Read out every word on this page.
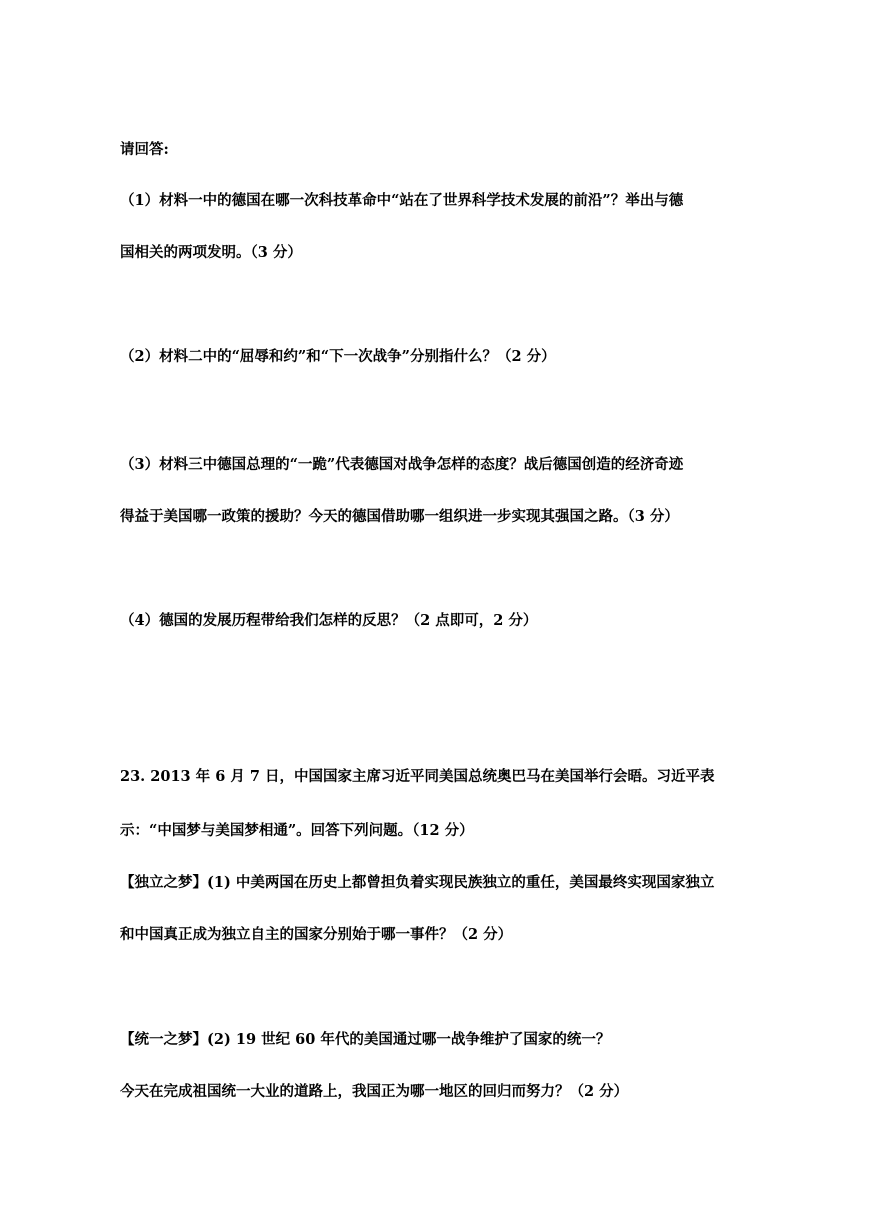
请回答:
（1）材料一中的德国在哪一次科技革命中“站在了世界科学技术发展的前沿”？举出与德
国相关的两项发明。（3 分）
（2）材料二中的“屈辱和约”和“下一次战争”分别指什么？（2 分）
（3）材料三中德国总理的“一跪”代表德国对战争怎样的态度？战后德国创造的经济奇迹
得益于美国哪一政策的援助？今天的德国借助哪一组织进一步实现其强国之路。（3 分）
（4）德国的发展历程带给我们怎样的反思？（2 点即可，2 分）
23. 2013 年 6 月 7 日，中国国家主席习近平同美国总统奥巴马在美国举行会晤。习近平表
示：“中国梦与美国梦相通”。回答下列问题。（12 分）
【独立之梦】(1) 中美两国在历史上都曾担负着实现民族独立的重任，美国最终实现国家独立
和中国真正成为独立自主的国家分别始于哪一事件？（2 分）
【统一之梦】(2) 19 世纪 60 年代的美国通过哪一战争维护了国家的统一？
今天在完成祖国统一大业的道路上，我国正为哪一地区的回归而努力？（2 分）
